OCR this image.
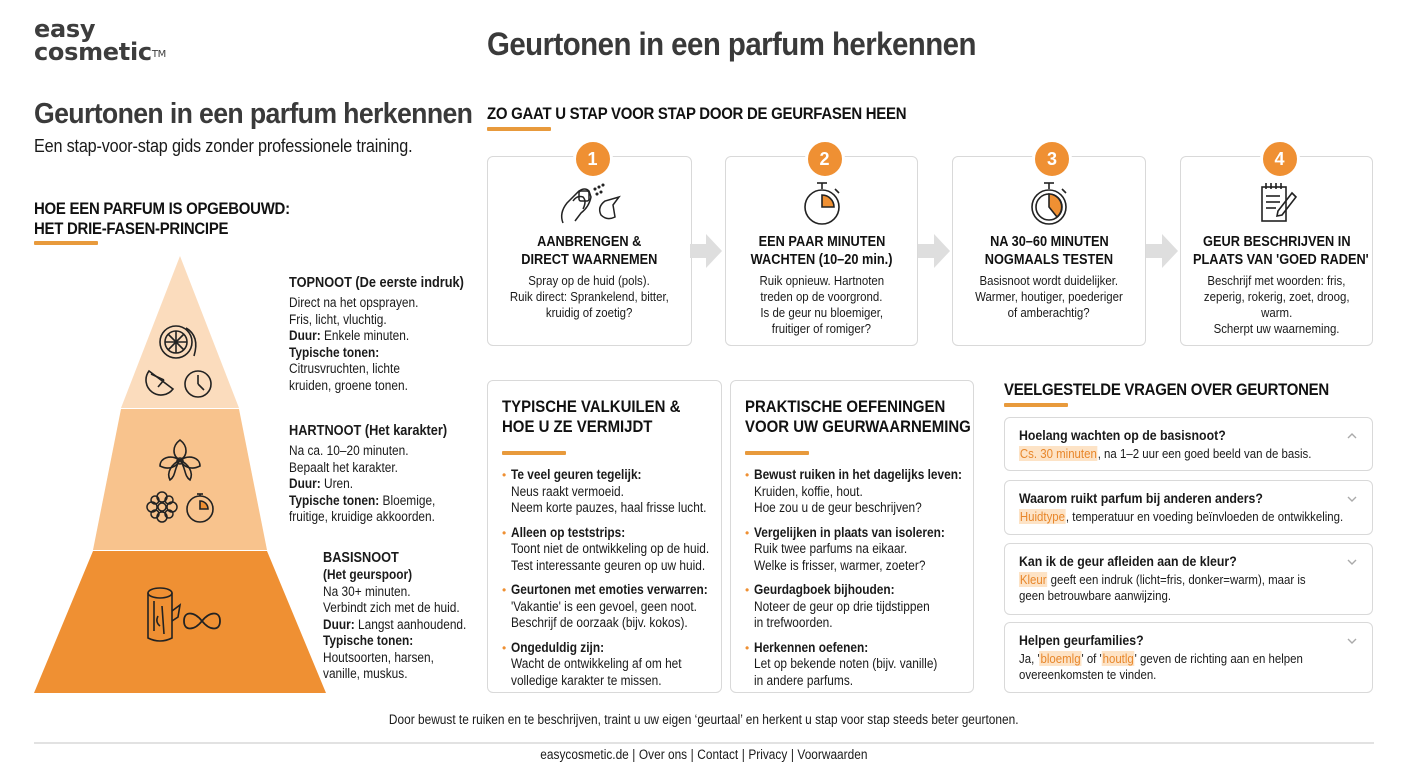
easy
cosmetic™	Geurtonen in een parfum herkennen
Geurtonen in een parfum herkennen
Een stap-voor-stap gids zonder professionele training.
HOE EEN PARFUM IS OPGEBOUWD:
HET DRIE-FASEN-PRINCIPE
TOPNOOT (De eerste indruk)
Direct na het opsprayen.
Fris, licht, vluchtig.
Duur: Enkele minuten.
Typische tonen:
Citrusvruchten, lichte
kruiden, groene tonen.
HARTNOOT (Het karakter)
Na ca. 10–20 minuten.
Bepaalt het karakter.
Duur: Uren.
Typische tonen: Bloemige,
fruitige, kruidige akkoorden.
BASISNOOT
(Het geurspoor)
Na 30+ minuten.
Verbindt zich met de huid.
Duur: Langst aanhoudend.
Typische tonen:
Houtsoorten, harsen,
vanille, muskus.
ZO GAAT U STAP VOOR STAP DOOR DE GEURFASEN HEEN
1
AANBRENGEN &
DIRECT WAARNEMEN
Spray op de huid (pols).
Ruik direct: Sprankelend, bitter,
kruidig of zoetig?
2
EEN PAAR MINUTEN
WACHTEN (10–20 min.)
Ruik opnieuw. Hartnoten
treden op de voorgrond.
Is de geur nu bloemiger,
fruitiger of romiger?
3
NA 30–60 MINUTEN
NOGMAALS TESTEN
Basisnoot wordt duidelijker.
Warmer, houtiger, poederiger
of amberachtig?
4
GEUR BESCHRIJVEN IN
PLAATS VAN 'GOED RADEN'
Beschrijf met woorden: fris,
zeperig, rokerig, zoet, droog,
warm.
Scherpt uw waarneming.
TYPISCHE VALKUILEN &
HOE U ZE VERMIJDT
• Te veel geuren tegelijk:
Neus raakt vermoeid.
Neem korte pauzes, haal frisse lucht.
• Alleen op teststrips:
Toont niet de ontwikkeling op de huid.
Test interessante geuren op uw huid.
• Geurtonen met emoties verwarren:
'Vakantie' is een gevoel, geen noot.
Beschrijf de oorzaak (bijv. kokos).
• Ongeduldig zijn:
Wacht de ontwikkeling af om het
volledige karakter te missen.
PRAKTISCHE OEFENINGEN
VOOR UW GEURWAARNEMING
• Bewust ruiken in het dagelijks leven:
Kruiden, koffie, hout.
Hoe zou u de geur beschrijven?
• Vergelijken in plaats van isoleren:
Ruik twee parfums na eikaar.
Welke is frisser, warmer, zoeter?
• Geurdagboek bijhouden:
Noteer de geur op drie tijdstippen
in trefwoorden.
• Herkennen oefenen:
Let op bekende noten (bijv. vanille)
in andere parfums.
VEELGESTELDE VRAGEN OVER GEURTONEN
Hoelang wachten op de basisnoot?
Cs. 30 minuten, na 1–2 uur een goed beeld van de basis.
Waarom ruikt parfum bij anderen anders?
Huidtype, temperatuur en voeding beïnvloeden de ontwikkeling.
Kan ik de geur afleiden aan de kleur?
Kleur geeft een indruk (licht=fris, donker=warm), maar is
geen betrouwbare aanwijzing.
Helpen geurfamilies?
Ja, 'bloemlg' of 'houtlg' geven de richting aan en helpen
overeenkomsten te vinden.
Door bewust te ruiken en te beschrijven, traint u uw eigen ‘geurtaal’ en herkent u stap voor stap steeds beter geurtonen.
easycosmetic.de | Over ons | Contact | Privacy | Voorwaarden
